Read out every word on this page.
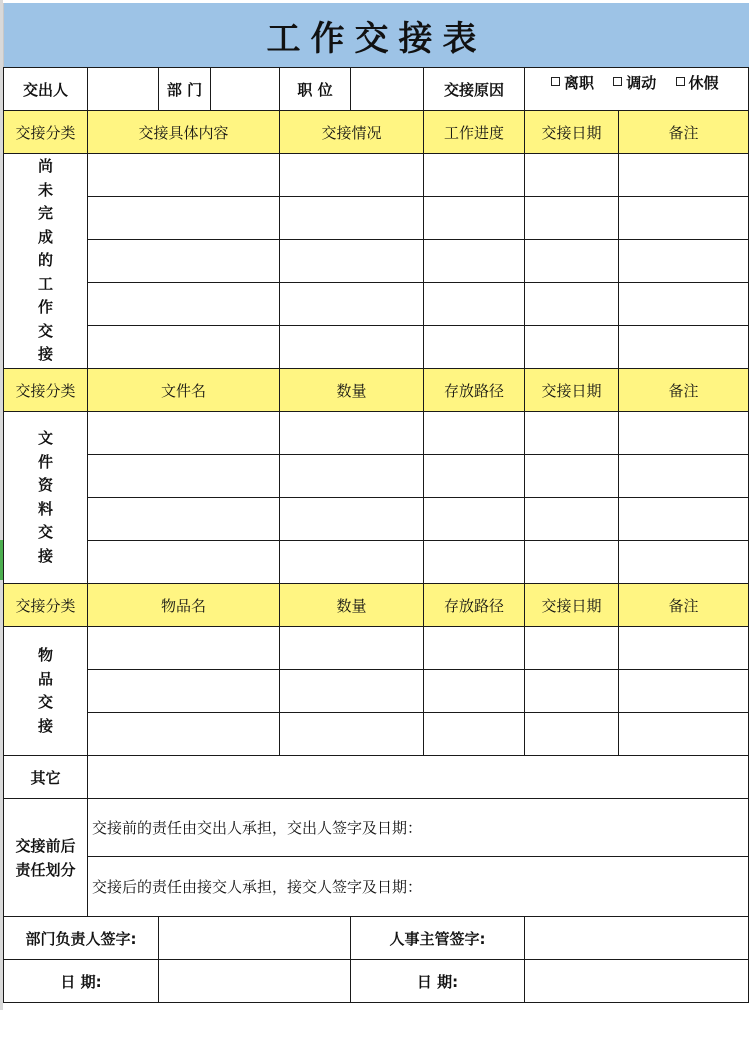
工作交接表
交出人		部 门		职 位		交接原因	离职 调动 休假	
交接分类	交接具体内容			交接情况		工作进度	交接日期	备注
尚
未
完
成
的
工
作
交
接					

交接分类	文件名			数量		存放路径	交接日期	备注
文
件
资
料
交
接					

交接分类	物品名			数量		存放路径	交接日期	备注
物
品
交
接								

其它								
交接前后
责任划分	交接前的责任由交出人承担，交出人签字及日期：							
	交接后的责任由接交人承担，接交人签字及日期：							
部门负责人签字:					人事主管签字:			
日 期:					日 期:			
